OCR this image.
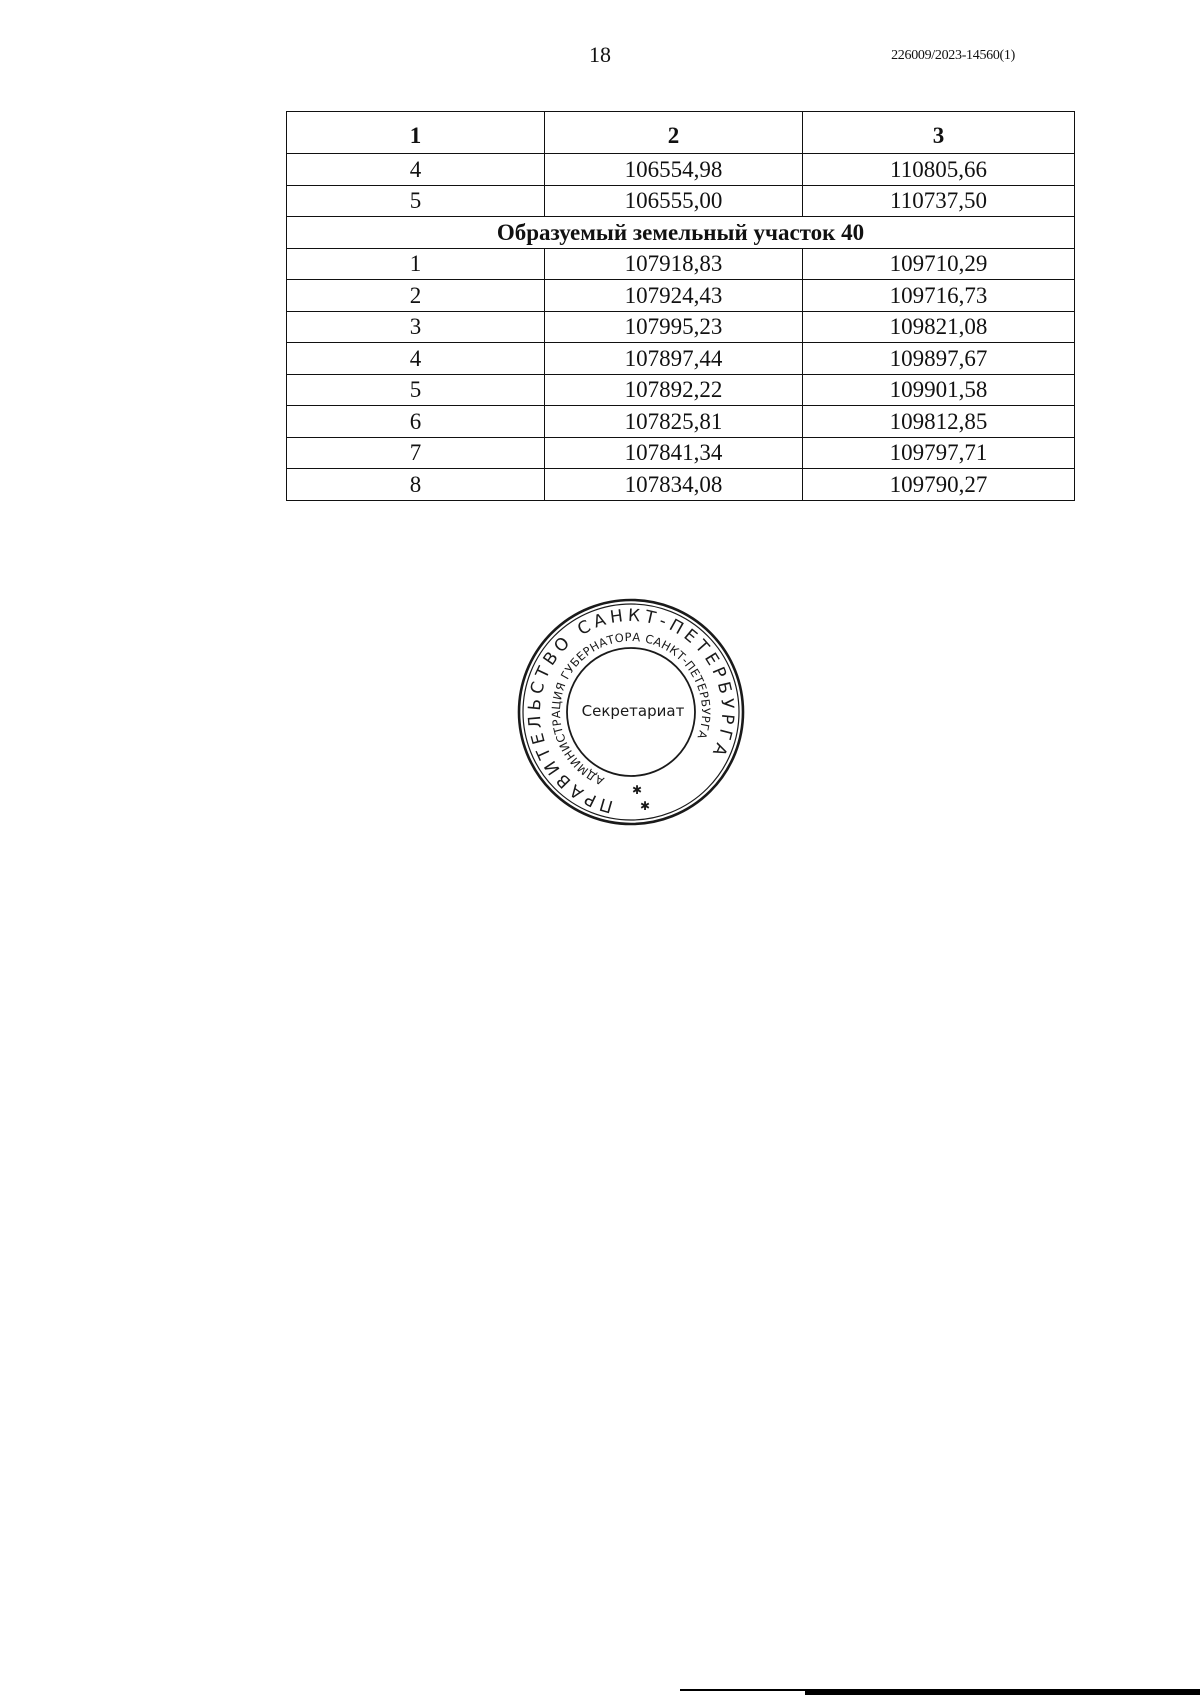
18	226009/2023-14560(1)
1	2	3
4	106554,98	110805,66
5	106555,00	110737,50
Образуемый земельный участок 40		
1	107918,83	109710,29
2	107924,43	109716,73
3	107995,23	109821,08
4	107897,44	109897,67
5	107892,22	109901,58
6	107825,81	109812,85
7	107841,34	109797,71
8	107834,08	109790,27
ПРАВИТЕЛЬСТВО САНКТ-ПЕТЕРБУРГА
АДМИНИСТРАЦИЯ ГУБЕРНАТОРА САНКТ-ПЕТЕРБУРГА
Секретариат
✱
✱
